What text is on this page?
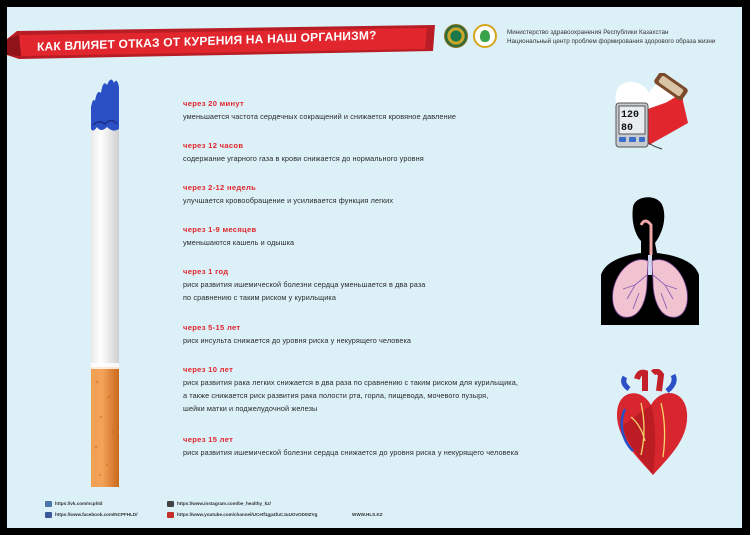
КАК ВЛИЯЕТ ОТКАЗ ОТ КУРЕНИЯ НА НАШ ОРГАНИЗМ?	Министерство здравоохранения Республики Казахстан
Национальный центр проблем формирования здорового образа жизни
через 20 минут
уменьшается частота сердечных сокращений и снижается кровяное давление
через 12 часов
содержание угарного газа в крови снижается до нормального уровня
через 2-12 недель
улучшается кровообращение и усиливается функция легких
через 1-9 месяцев
уменьшаются кашель и одышка
через 1 год
риск развития ишемической болезни сердца уменьшается в два раза
по сравнению с таким риском у курильщика
через 5-15 лет
риск инсульта снижается до уровня риска у некурящего человека
через 10 лет
риск развития рака легких снижается в два раза по сравнению с таким риском для курильщика,
а также снижается риск развития рака полости рта, горла, пищевода, мочевого пузыря,
шейки матки и поджелудочной железы
через 15 лет
риск развития ишемической болезни сердца снижается до уровня риска у некурящего человека
120
80
https://vk.com/ncphld
https://www.facebook.com/NCPFHLD/
https://www.instagram.com/be_healthy_kz/
https://www.youtube.com/channel/UCetf1gp4fuCJuUOvOD0IZVg	WWW.HLS.KZ
